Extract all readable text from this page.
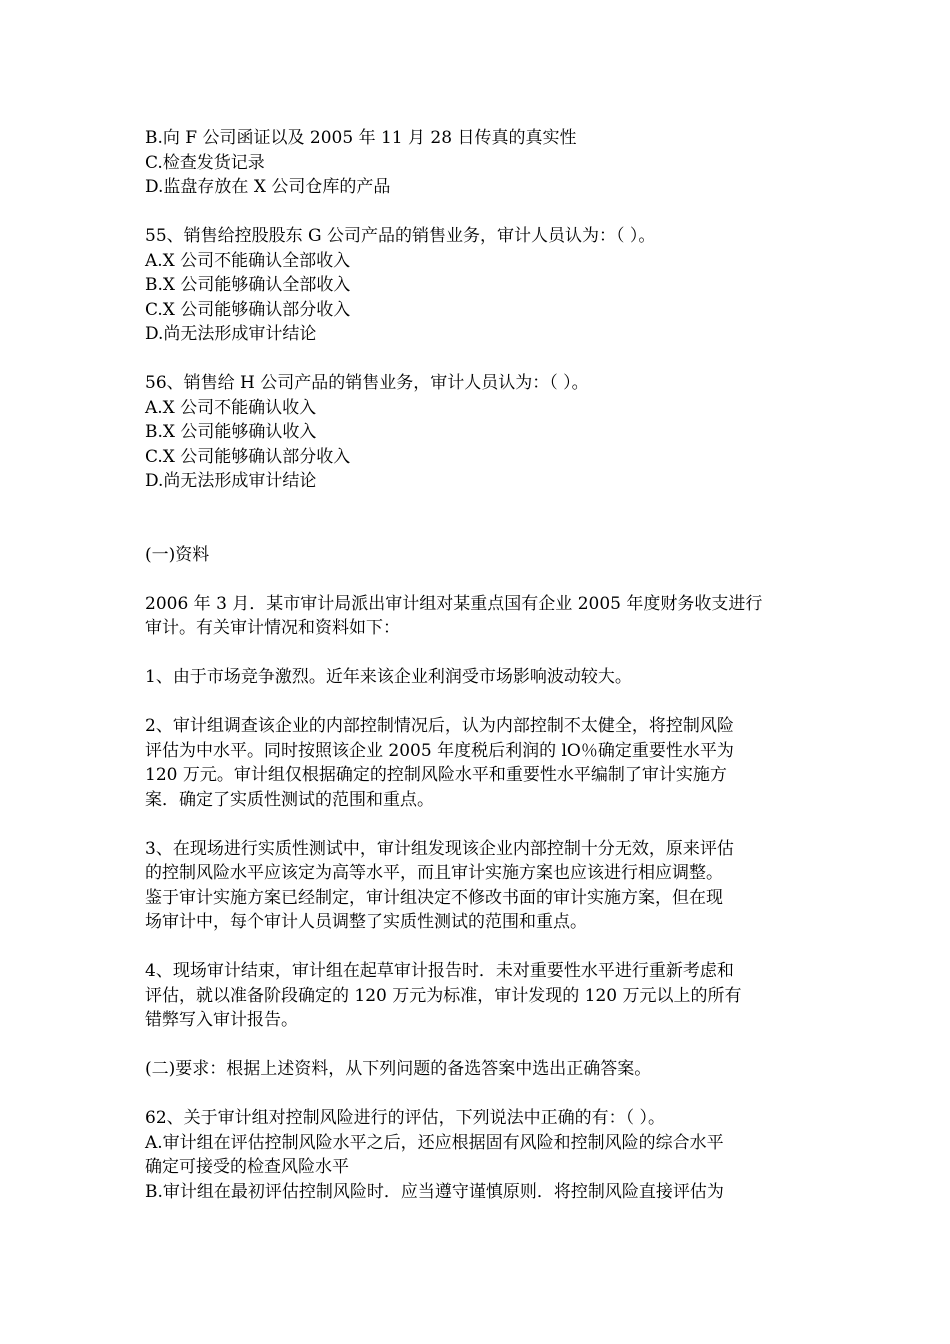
B.向 F 公司函证以及 2005 年 11 月 28 日传真的真实性
C.检查发货记录
D.监盘存放在 X 公司仓库的产品
55、销售给控股股东 G 公司产品的销售业务，审计人员认为：（ ）。
A.X 公司不能确认全部收入
B.X 公司能够确认全部收入
C.X 公司能够确认部分收入
D.尚无法形成审计结论
56、销售给 H 公司产品的销售业务，审计人员认为：（ ）。
A.X 公司不能确认收入
B.X 公司能够确认收入
C.X 公司能够确认部分收入
D.尚无法形成审计结论
(一)资料
2006 年 3 月．某市审计局派出审计组对某重点国有企业 2005 年度财务收支进行
审计。有关审计情况和资料如下：
1、由于市场竞争激烈。近年来该企业利润受市场影响波动较大。
2、审计组调查该企业的内部控制情况后，认为内部控制不太健全，将控制风险
评估为中水平。同时按照该企业 2005 年度税后利润的 lO％确定重要性水平为
120 万元。审计组仅根据确定的控制风险水平和重要性水平编制了审计实施方
案．确定了实质性测试的范围和重点。
3、在现场进行实质性测试中，审计组发现该企业内部控制十分无效，原来评估
的控制风险水平应该定为高等水平，而且审计实施方案也应该进行相应调整。
鉴于审计实施方案已经制定，审计组决定不修改书面的审计实施方案，但在现
场审计中，每个审计人员调整了实质性测试的范围和重点。
4、现场审计结束，审计组在起草审计报告时．未对重要性水平进行重新考虑和
评估，就以准备阶段确定的 120 万元为标准，审计发现的 120 万元以上的所有
错弊写入审计报告。
(二)要求：根据上述资料，从下列问题的备选答案中选出正确答案。
62、关于审计组对控制风险进行的评估，下列说法中正确的有：（ ）。
A.审计组在评估控制风险水平之后，还应根据固有风险和控制风险的综合水平
确定可接受的检查风险水平
B.审计组在最初评估控制风险时．应当遵守谨慎原则．将控制风险直接评估为
